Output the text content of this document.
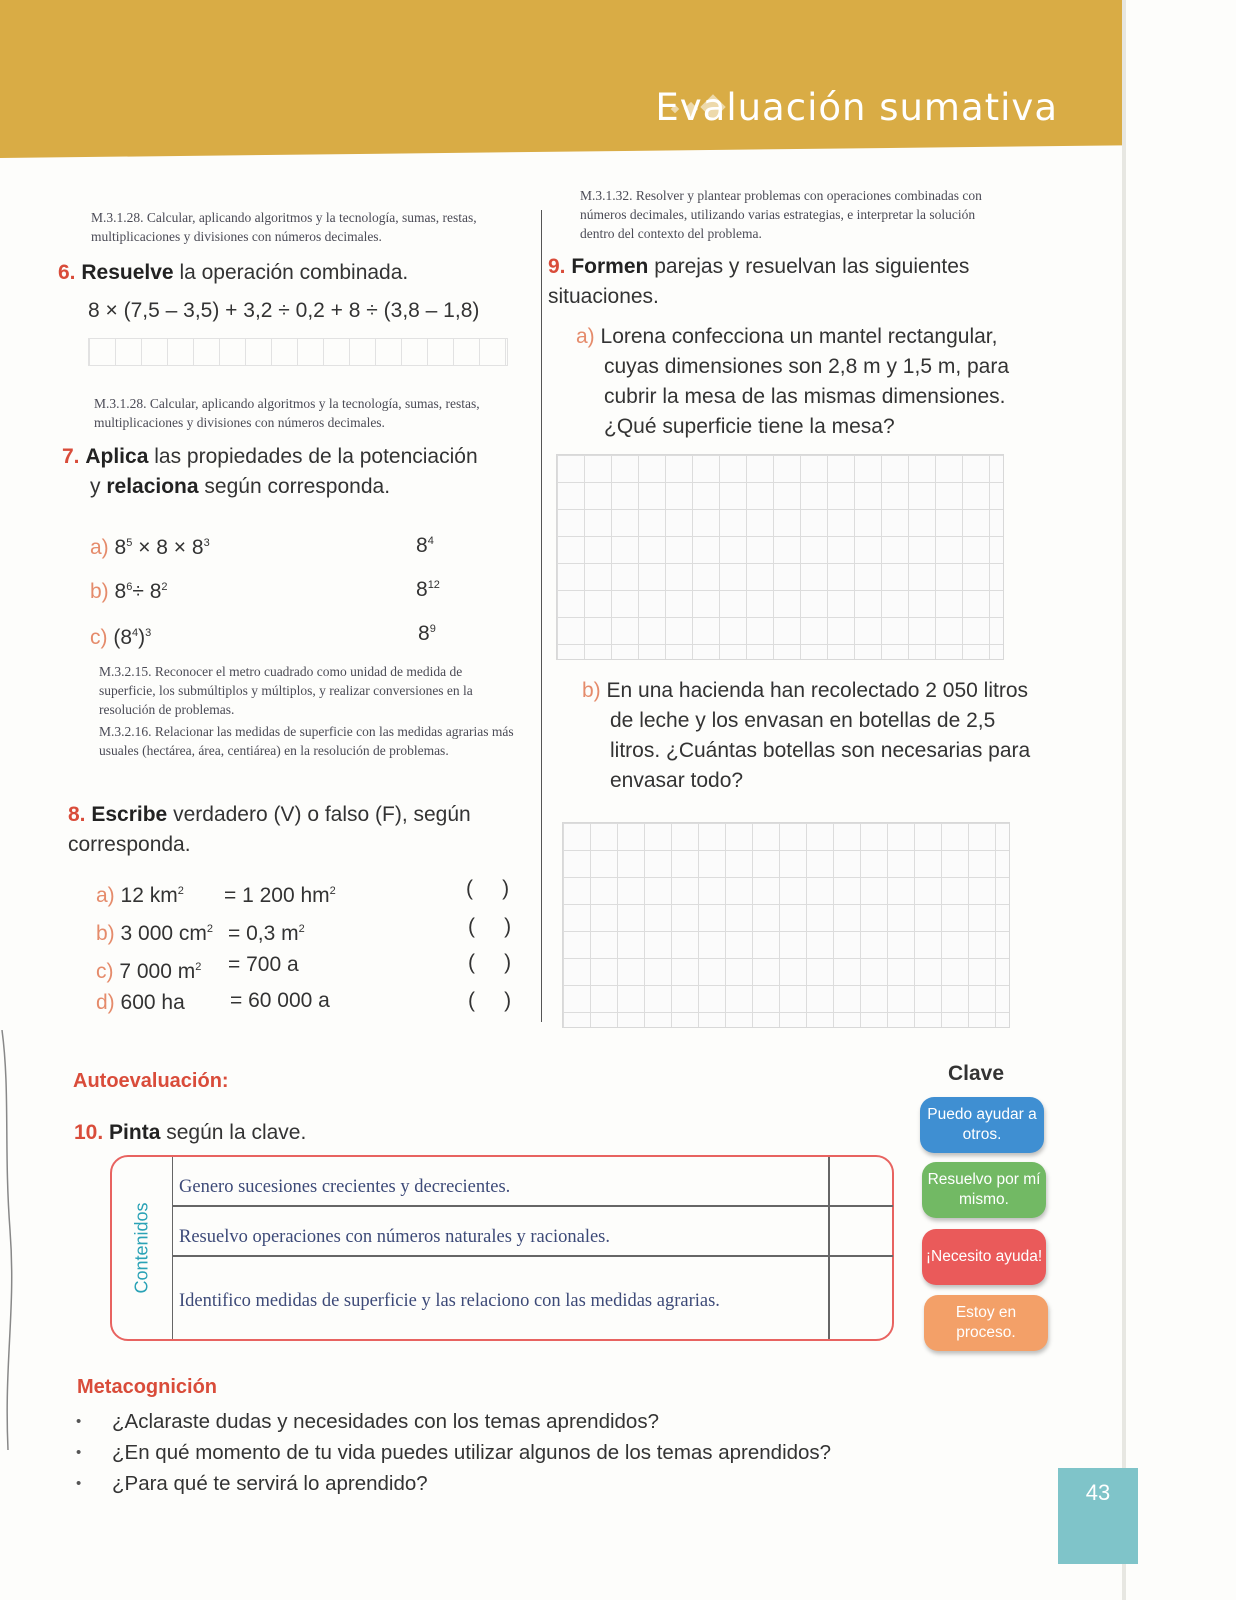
Evaluación sumativa
M.3.1.28. Calcular, aplicando algoritmos y la tecnología, sumas, restas, multiplicaciones y divisiones con números decimales.
6. Resuelve la operación combinada.
8 × (7,5 – 3,5) + 3,2 ÷ 0,2 + 8 ÷ (3,8 – 1,8)
M.3.1.28. Calcular, aplicando algoritmos y la tecnología, sumas, restas, multiplicaciones y divisiones con números decimales.
7. Aplica las propiedades de la potenciación
y relaciona según corresponda.
a) $8^5 \times 8 \times 8^3$	$8^4$
b) $8^6\div 8^2$	$8^{12}$
c) $(8^4)^3$	$8^9$
M.3.2.15. Reconocer el metro cuadrado como unidad de medida de superficie, los submúltiplos y múltiplos, y realizar conversiones en la resolución de problemas.
M.3.2.16. Relacionar las medidas de superficie con las medidas agrarias más usuales (hectárea, área, centiárea) en la resolución de problemas.
8. Escribe verdadero (V) o falso (F), según corresponda.
a) 12 $km^2 = 1$ 200 $hm^2$	(     )
b) 3 000 $cm^2 = 0,3$ $m^2$	(     )
c) 7 000 $m^2 = 700$ a	(     )
d) 600 ha = 60 000 a	(     )
M.3.1.32. Resolver y plantear problemas con operaciones combinadas con números decimales, utilizando varias estrategias, e interpretar la solución dentro del contexto del problema.
9. Formen parejas y resuelvan las siguientes situaciones.
a) Lorena confecciona un mantel rectangular, cuyas dimensiones son 2,8 m y 1,5 m, para cubrir la mesa de las mismas dimensiones. ¿Qué superficie tiene la mesa?
b) En una hacienda han recolectado 2 050 litros de leche y los envasan en botellas de 2,5 litros. ¿Cuántas botellas son necesarias para envasar todo?
Autoevaluación:
10. Pinta según la clave.
Contenidos
Genero sucesiones crecientes y decrecientes.
Resuelvo operaciones con números naturales y racionales.
Identifico medidas de superficie y las relaciono con las medidas agrarias.
Clave
Puedo ayudar a otros.
Resuelvo por mí mismo.
¡Necesito ayuda!
Estoy en proceso.
Metacognición
• ¿Aclaraste dudas y necesidades con los temas aprendidos?
• ¿En qué momento de tu vida puedes utilizar algunos de los temas aprendidos?
• ¿Para qué te servirá lo aprendido?	43
